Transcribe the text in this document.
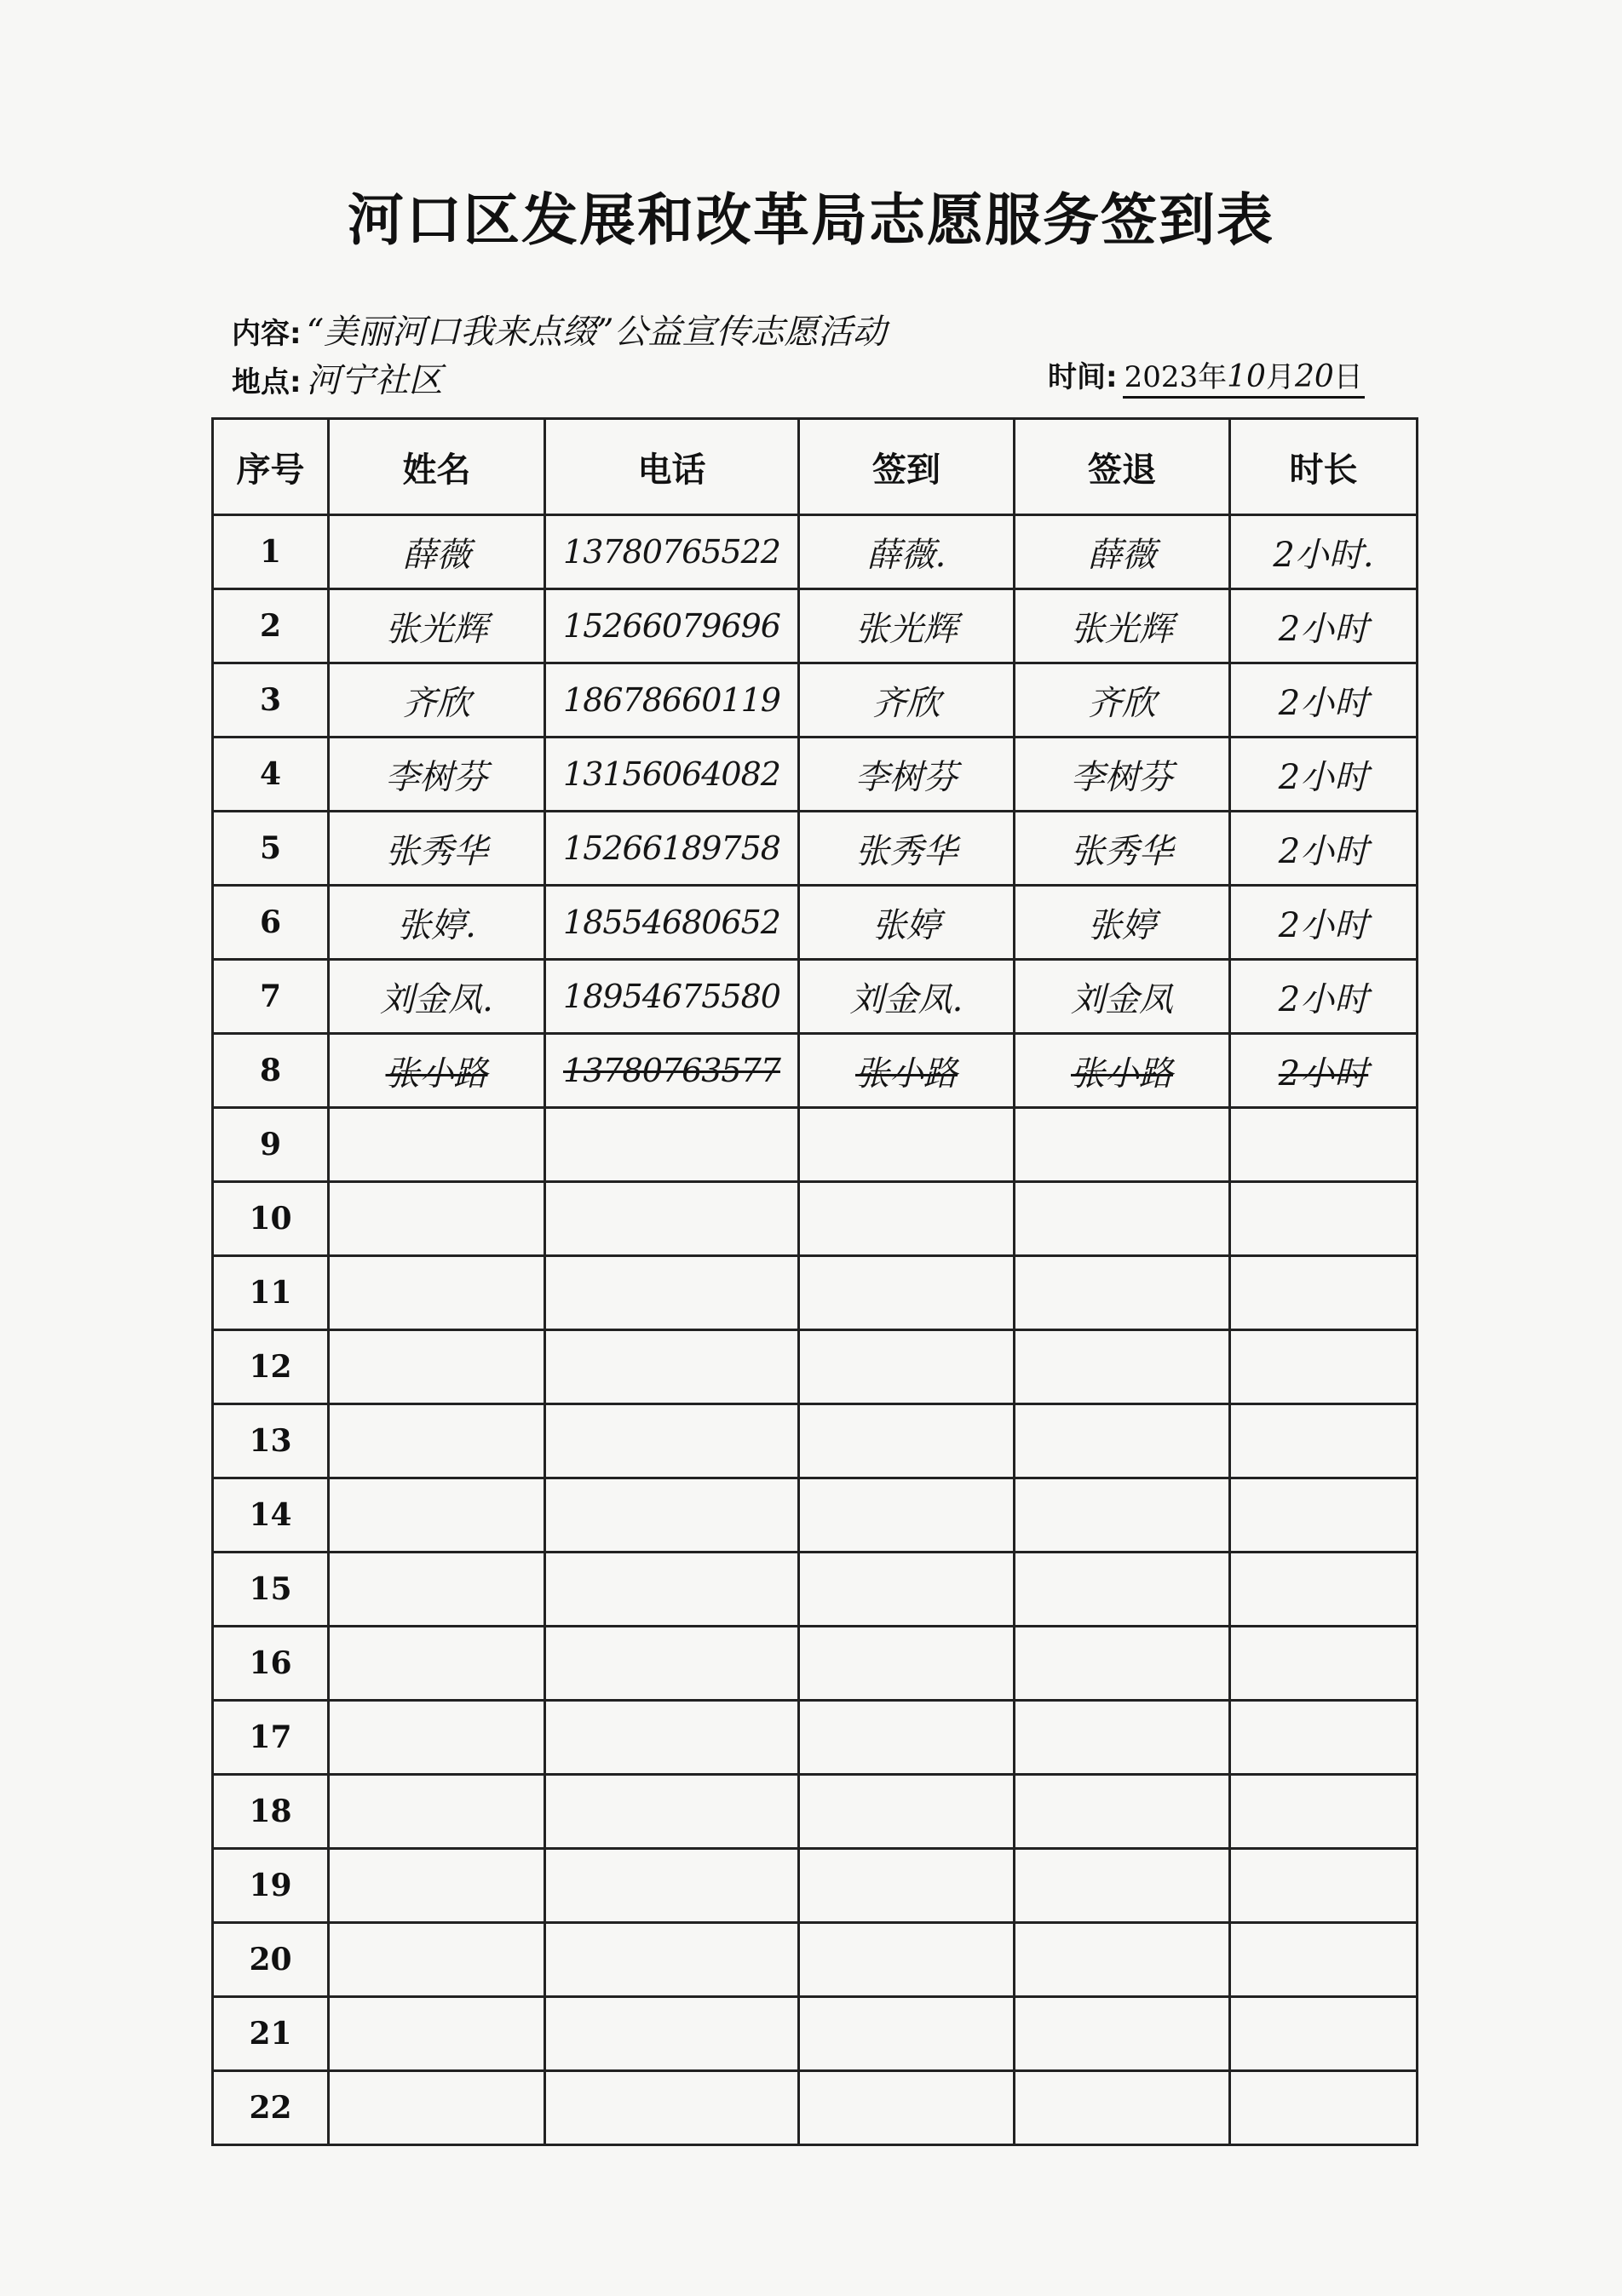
河口区发展和改革局志愿服务签到表
内容: “美丽河口我来点缀”公益宣传志愿活动
地点: 河宁社区	时间: 2023年10月20日
序号	姓名	电话	签到	签退	时长
1	薛薇	13780765522	薛薇.	薛薇	2小时.
2	张光辉	15266079696	张光辉	张光辉	2小时
3	齐欣	18678660119	齐欣	齐欣	2小时
4	李树芬	13156064082	李树芬	李树芬	2小时
5	张秀华	15266189758	张秀华	张秀华	2小时
6	张婷.	18554680652	张婷	张婷	2小时
7	刘金凤.	18954675580	刘金凤.	刘金凤	2小时
8	张小路	13780763577	张小路	张小路	2小时
9					
10					
11					
12					
13					
14					
15					
16					
17					
18					
19					
20					
21					
22					
